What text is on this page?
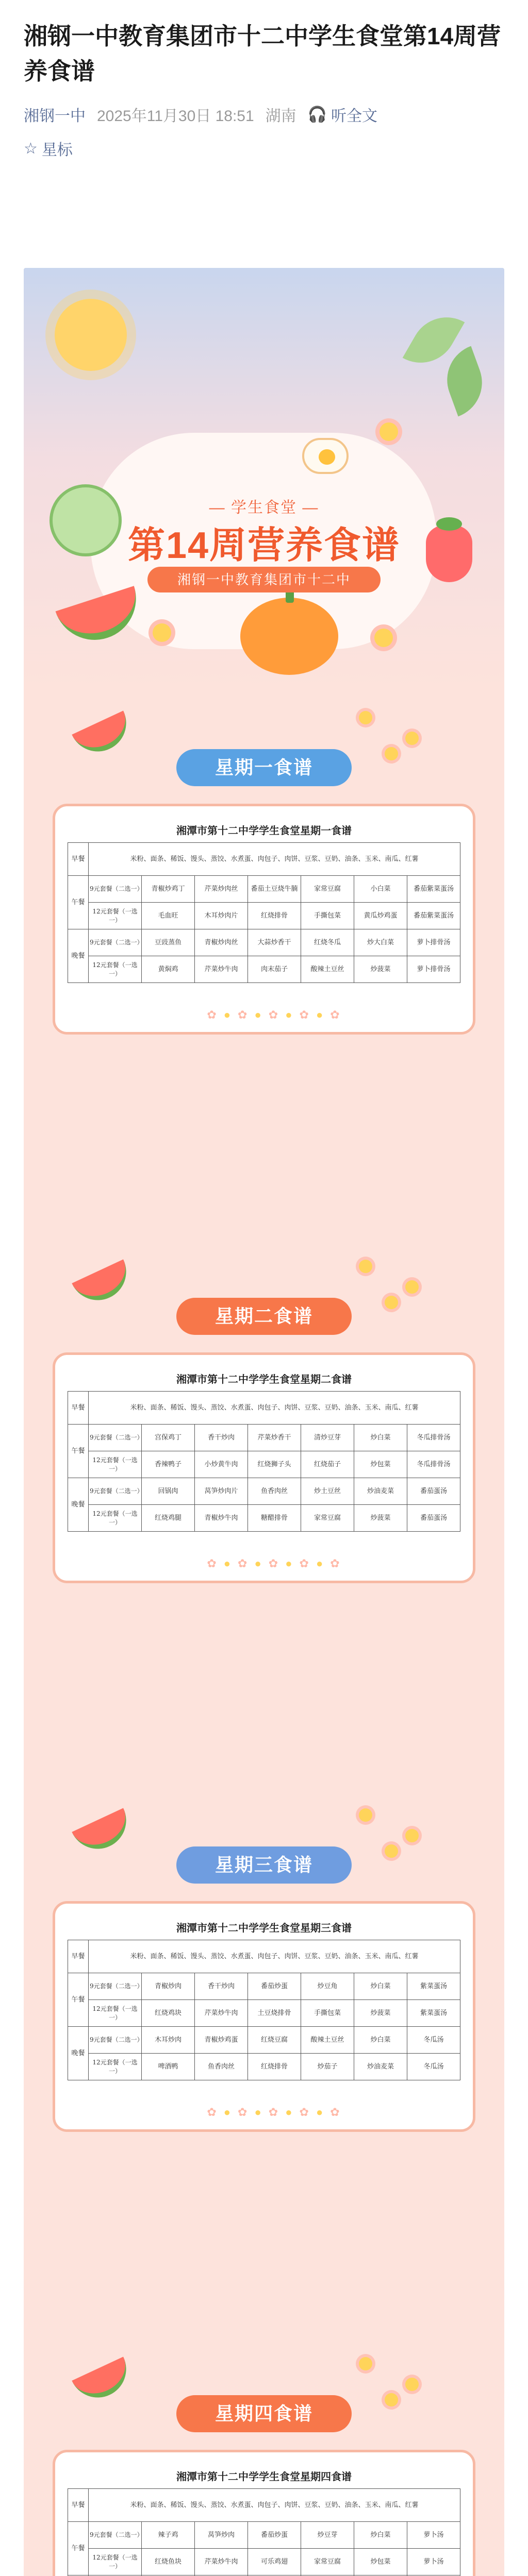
湘钢一中教育集团市十二中学生食堂第14周营养食谱
湘钢一中 2025年11月30日 18:51 湖南 🎧 听全文
☆ 星标
— 学生食堂 —
第14周营养食谱
湘钢一中教育集团市十二中
星期一食谱
湘潭市第十二中学学生食堂星期一食谱
早餐	米粉、面条、稀饭、馒头、蒸饺、水煮蛋、肉包子、肉饼、豆浆、豆奶、油条、玉米、南瓜、红薯						
午餐	9元套餐（二选一）	青椒炒鸡丁	芹菜炒肉丝	番茄土豆烧牛腩	家常豆腐	小白菜	番茄紫菜蛋汤
	12元套餐（一选一）	毛血旺	木耳炒肉片	红烧排骨	手撕包菜	黄瓜炒鸡蛋	番茄紫菜蛋汤
晚餐	9元套餐（二选一）	豆豉蒸鱼	青椒炒肉丝	大蒜炒香干	红烧冬瓜	炒大白菜	萝卜排骨汤
	12元套餐（一选一）	黄焖鸡	芹菜炒牛肉	肉末茄子	酸辣土豆丝	炒菠菜	萝卜排骨汤
✿●✿●✿●✿●✿
星期二食谱
湘潭市第十二中学学生食堂星期二食谱
早餐	米粉、面条、稀饭、馒头、蒸饺、水煮蛋、肉包子、肉饼、豆浆、豆奶、油条、玉米、南瓜、红薯						
午餐	9元套餐（二选一）	宫保鸡丁	香干炒肉	芹菜炒香干	清炒豆芽	炒白菜	冬瓜排骨汤
	12元套餐（一选一）	香辣鸭子	小炒黄牛肉	红烧狮子头	红烧茄子	炒包菜	冬瓜排骨汤
晚餐	9元套餐（二选一）	回锅肉	莴笋炒肉片	鱼香肉丝	炒土豆丝	炒油麦菜	番茄蛋汤
	12元套餐（一选一）	红烧鸡腿	青椒炒牛肉	糖醋排骨	家常豆腐	炒菠菜	番茄蛋汤
✿●✿●✿●✿●✿
星期三食谱
湘潭市第十二中学学生食堂星期三食谱
早餐	米粉、面条、稀饭、馒头、蒸饺、水煮蛋、肉包子、肉饼、豆浆、豆奶、油条、玉米、南瓜、红薯						
午餐	9元套餐（二选一）	青椒炒肉	香干炒肉	番茄炒蛋	炒豆角	炒白菜	紫菜蛋汤
	12元套餐（一选一）	红烧鸡块	芹菜炒牛肉	土豆烧排骨	手撕包菜	炒菠菜	紫菜蛋汤
晚餐	9元套餐（二选一）	木耳炒肉	青椒炒鸡蛋	红烧豆腐	酸辣土豆丝	炒白菜	冬瓜汤
	12元套餐（一选一）	啤酒鸭	鱼香肉丝	红烧排骨	炒茄子	炒油麦菜	冬瓜汤
✿●✿●✿●✿●✿
星期四食谱
湘潭市第十二中学学生食堂星期四食谱
早餐	米粉、面条、稀饭、馒头、蒸饺、水煮蛋、肉包子、肉饼、豆浆、豆奶、油条、玉米、南瓜、红薯						
午餐	9元套餐（二选一）	辣子鸡	莴笋炒肉	番茄炒蛋	炒豆芽	炒白菜	萝卜汤
	12元套餐（一选一）	红烧鱼块	芹菜炒牛肉	可乐鸡翅	家常豆腐	炒包菜	萝卜汤
